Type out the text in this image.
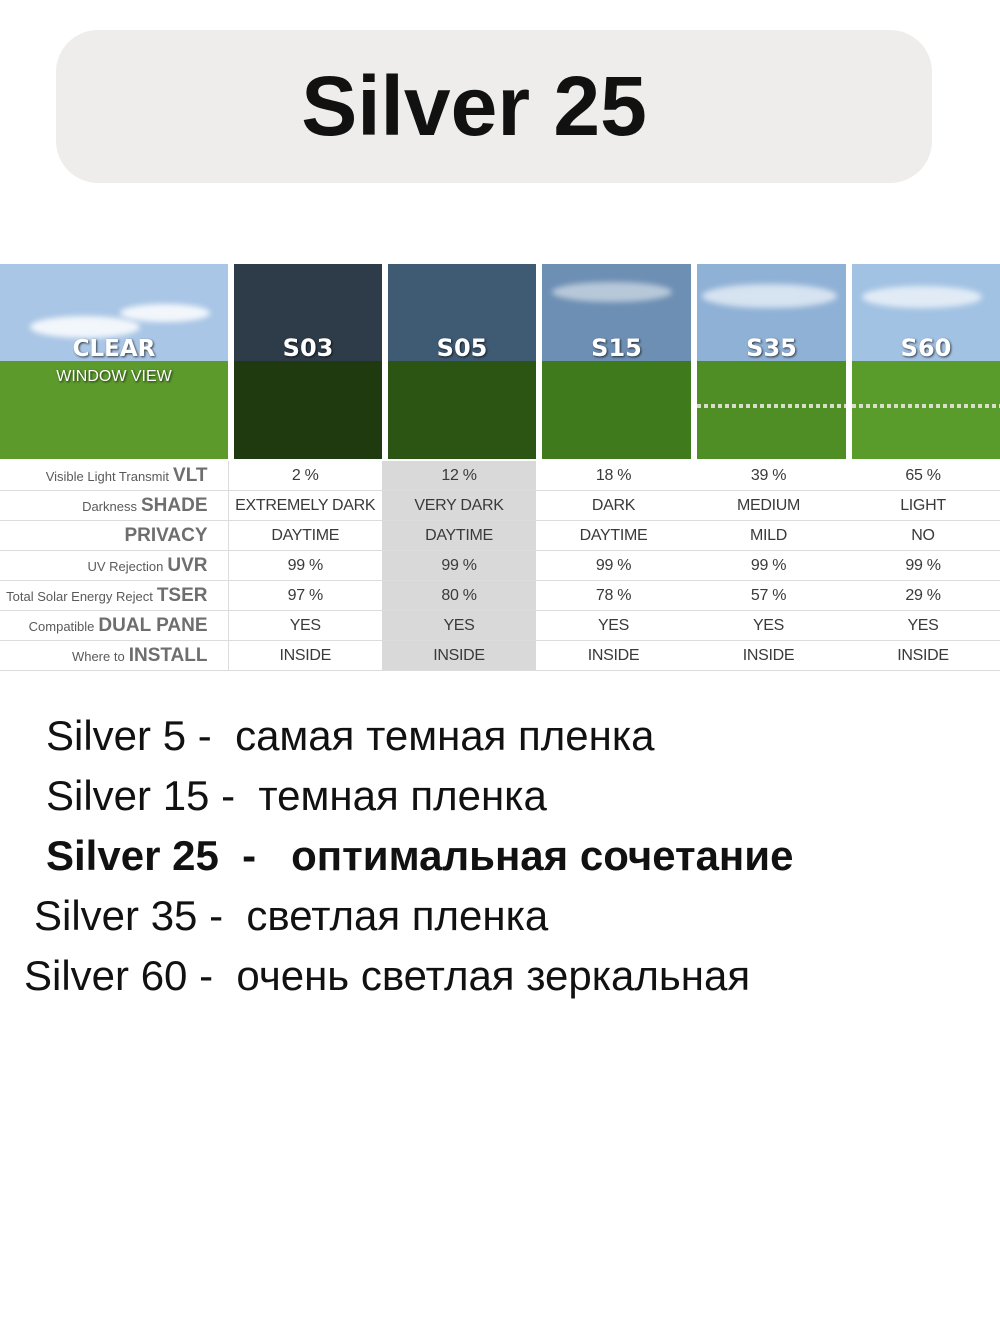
Silver 25
CLEAR
WINDOW VIEW
S03	S05	S15	S35	S60
Visible Light Transmit VLT	2 %	12 %	18 %	39 %	65 %
Darkness SHADE	EXTREMELY DARK	VERY DARK	DARK	MEDIUM	LIGHT
PRIVACY	DAYTIME	DAYTIME	DAYTIME	MILD	NO
UV Rejection UVR	99 %	99 %	99 %	99 %	99 %
Total Solar Energy Reject TSER	97 %	80 %	78 %	57 %	29 %
Compatible DUAL PANE	YES	YES	YES	YES	YES
Where to INSTALL	INSIDE	INSIDE	INSIDE	INSIDE	INSIDE
Silver 5 -  самая темная пленка
Silver 15 -  темная пленка
Silver 25  -   оптимальная сочетание
Silver 35 -  светлая пленка
Silver 60 -  очень светлая зеркальная
